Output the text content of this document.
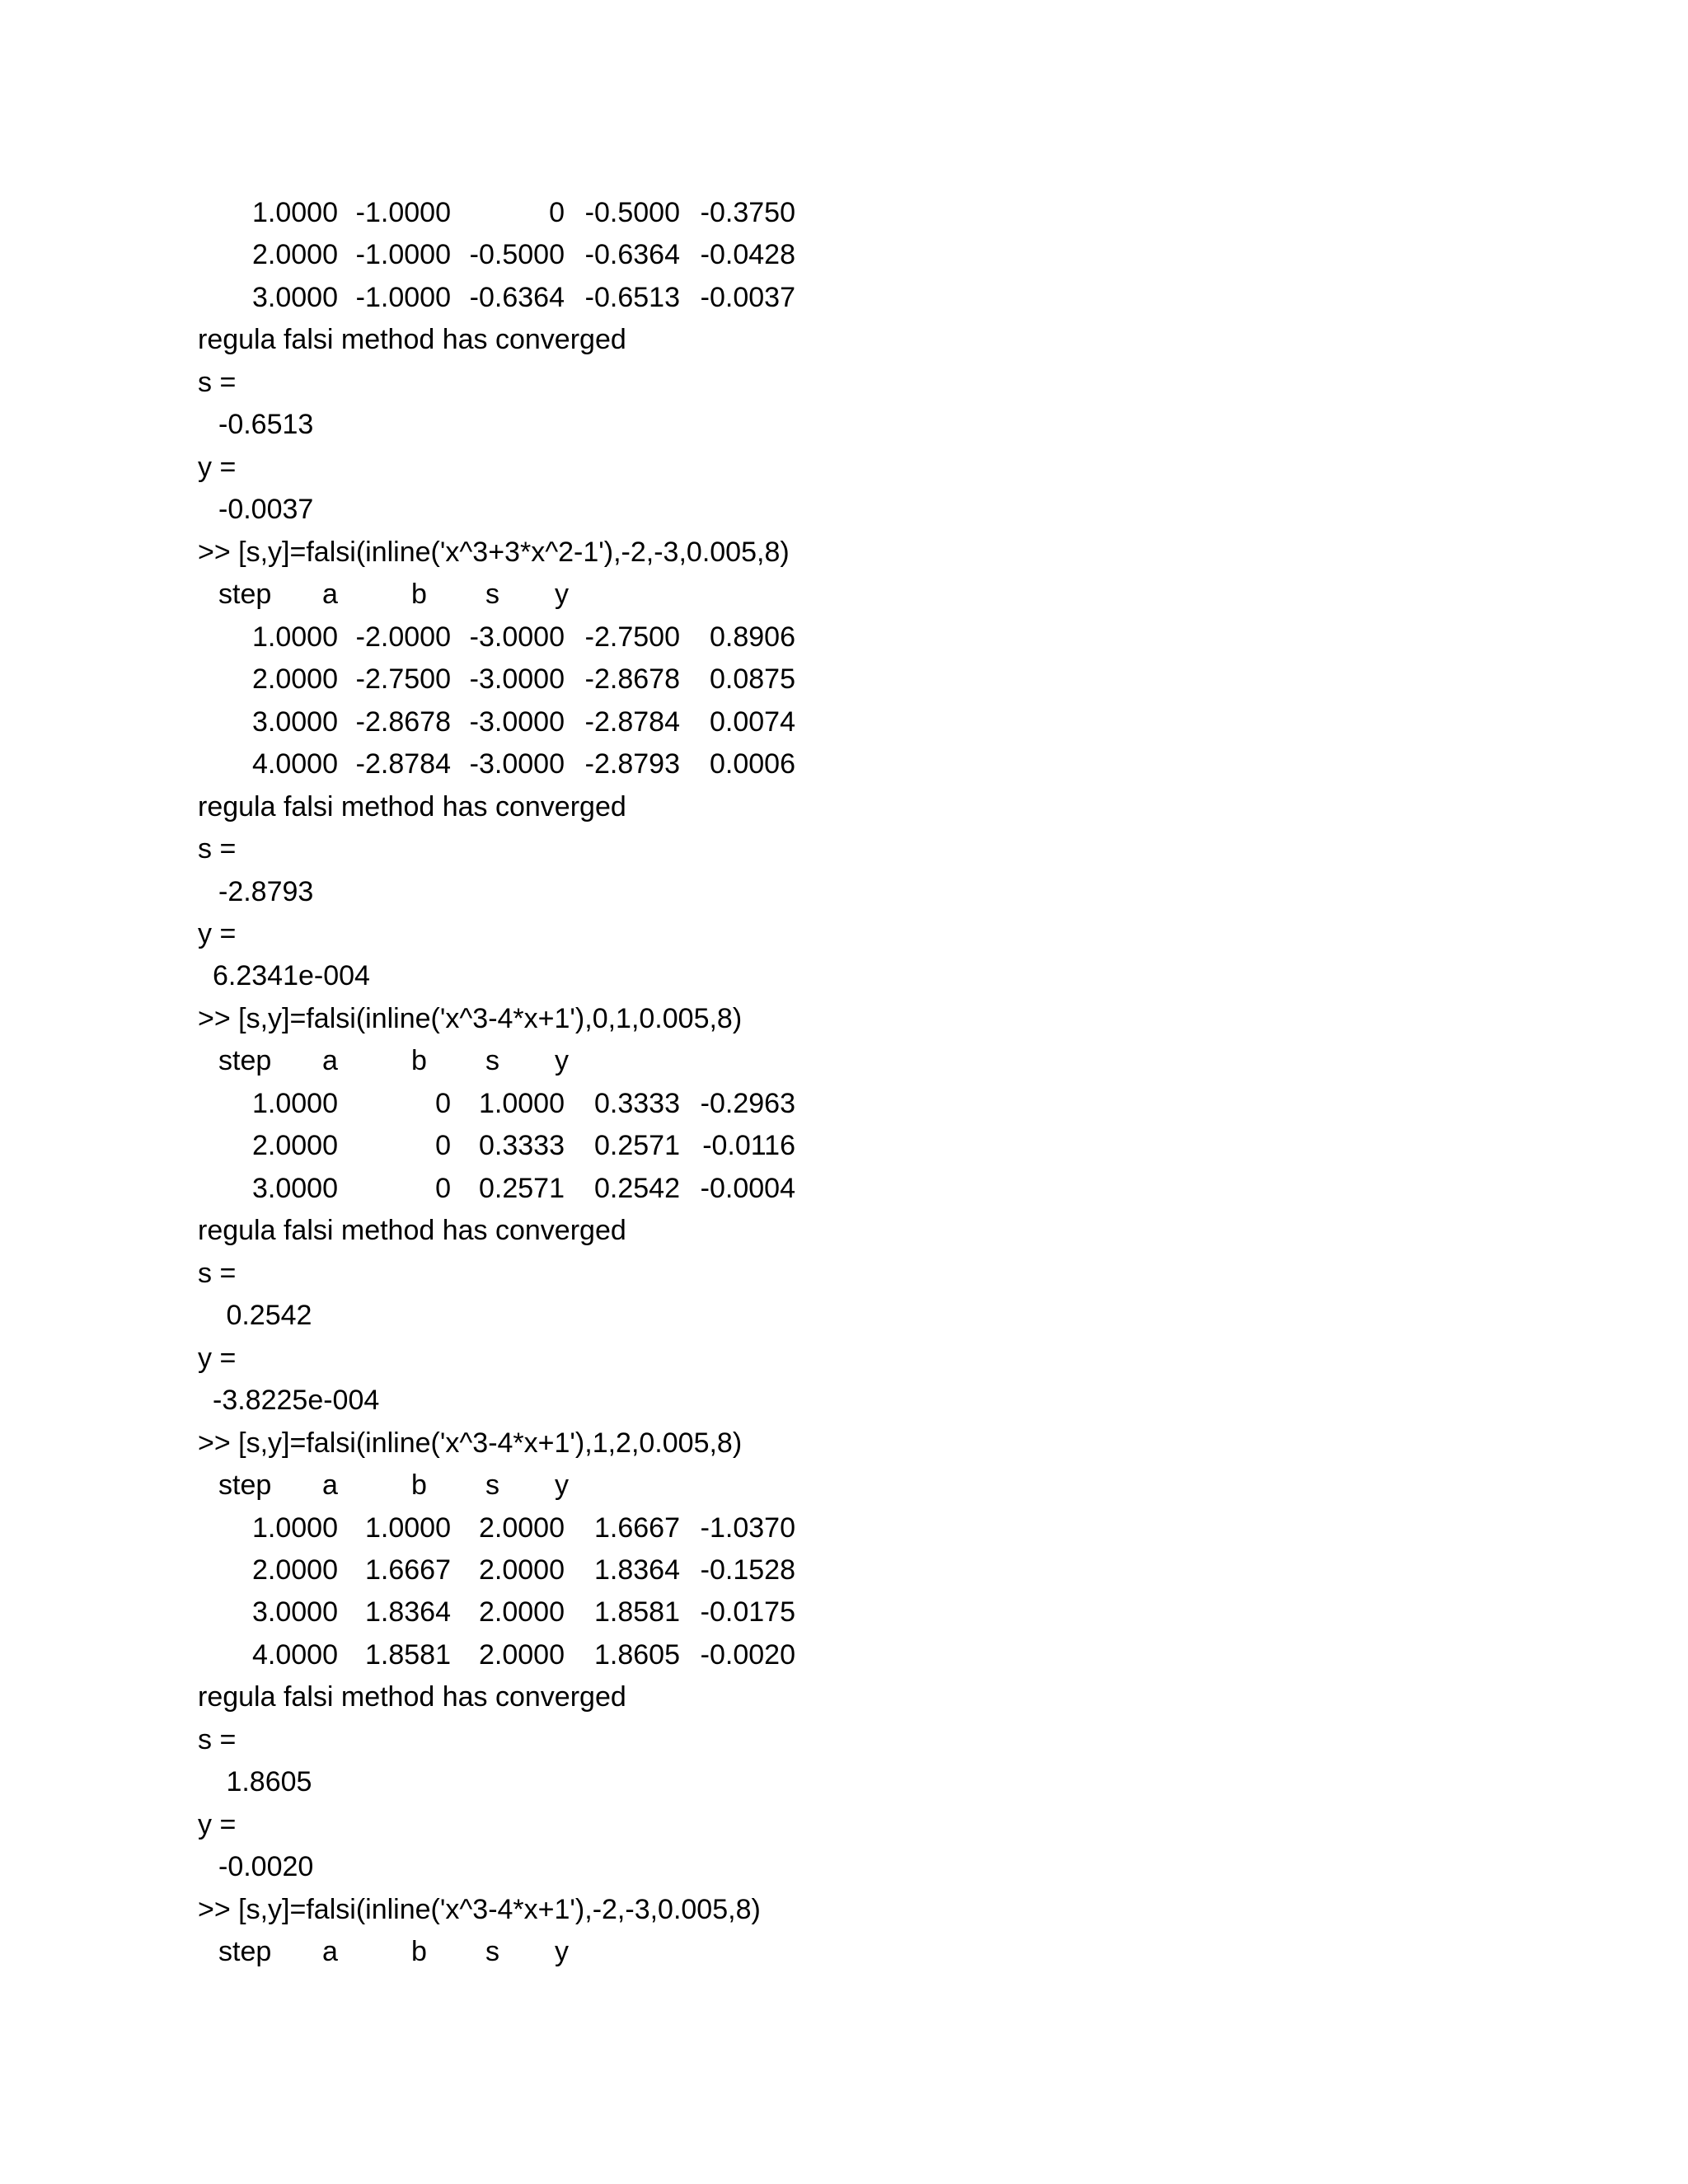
1.0000 -1.0000	0 -0.5000 -0.3750
2.0000 -1.0000 -0.5000 -0.6364 -0.0428
3.0000 -1.0000 -0.6364 -0.6513 -0.0037
regula falsi method has converged
s =
-0.6513
y =
-0.0037
>> [s,y]=falsi(inline('x^3+3*x^2-1'),-2,-3,0.005,8)
step a	b s y
1.0000 -2.0000 -3.0000 -2.7500	0.8906
2.0000 -2.7500 -3.0000 -2.8678	0.0875
3.0000 -2.8678 -3.0000 -2.8784	0.0074
4.0000 -2.8784 -3.0000 -2.8793	0.0006
regula falsi method has converged
s =
-2.8793
y =
6.2341e-004
>> [s,y]=falsi(inline('x^3-4*x+1'),0,1,0.005,8)
step a	b s y
1.0000	0	1.0000	0.3333 -0.2963
2.0000	0	0.3333	0.2571 -0.0116
3.0000	0	0.2571	0.2542 -0.0004
regula falsi method has converged
s =
0.2542
y =
-3.8225e-004
>> [s,y]=falsi(inline('x^3-4*x+1'),1,2,0.005,8)
step a	b s y
1.0000 1.0000	2.0000	1.6667 -1.0370
2.0000 1.6667	2.0000	1.8364 -0.1528
3.0000 1.8364	2.0000	1.8581 -0.0175
4.0000 1.8581	2.0000	1.8605 -0.0020
regula falsi method has converged
s =
1.8605
y =
-0.0020
>> [s,y]=falsi(inline('x^3-4*x+1'),-2,-3,0.005,8)
step a	b s y
